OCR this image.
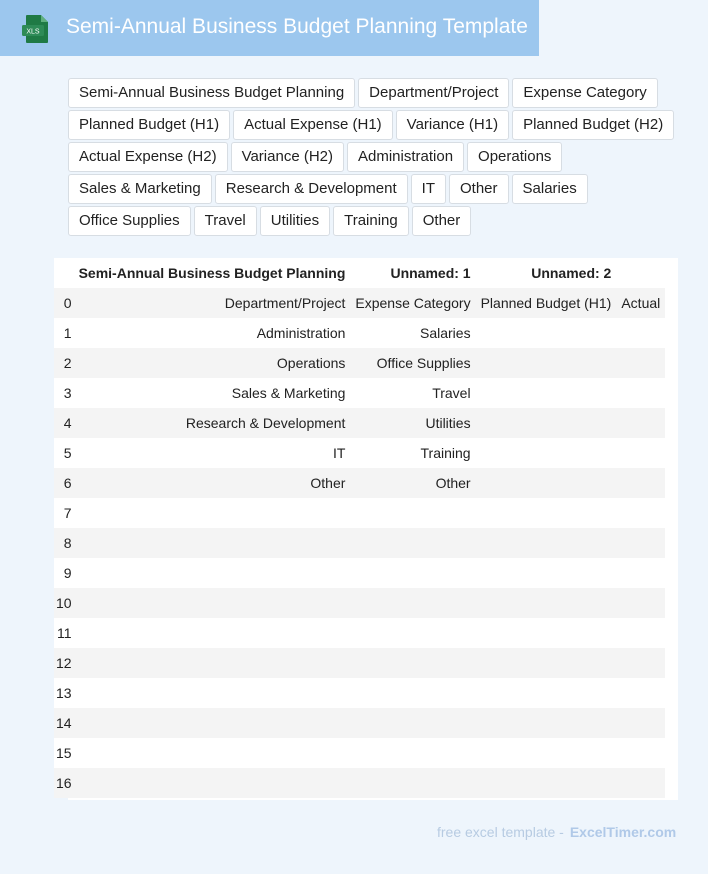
XLS Semi-Annual Business Budget Planning Template
Semi-Annual Business Budget Planning	Department/Project	Expense Category
Planned Budget (H1)	Actual Expense (H1)	Variance (H1)	Planned Budget (H2)
Actual Expense (H2)	Variance (H2)	Administration	Operations
Sales & Marketing	Research & Development	IT	Other	Salaries
Office Supplies	Travel	Utilities	Training	Other
	Semi-Annual Business Budget Planning	Unnamed: 1	Unnamed: 2	
0	Department/Project	Expense Category	Planned Budget (H1)	Actual
1	Administration	Salaries		
2	Operations	Office Supplies		
3	Sales & Marketing	Travel		
4	Research & Development	Utilities		
5	IT	Training		
6	Other	Other		
7				
8				
9				
10				
11				
12				
13				
14				
15				
16				
free excel template - ExcelTimer.com
